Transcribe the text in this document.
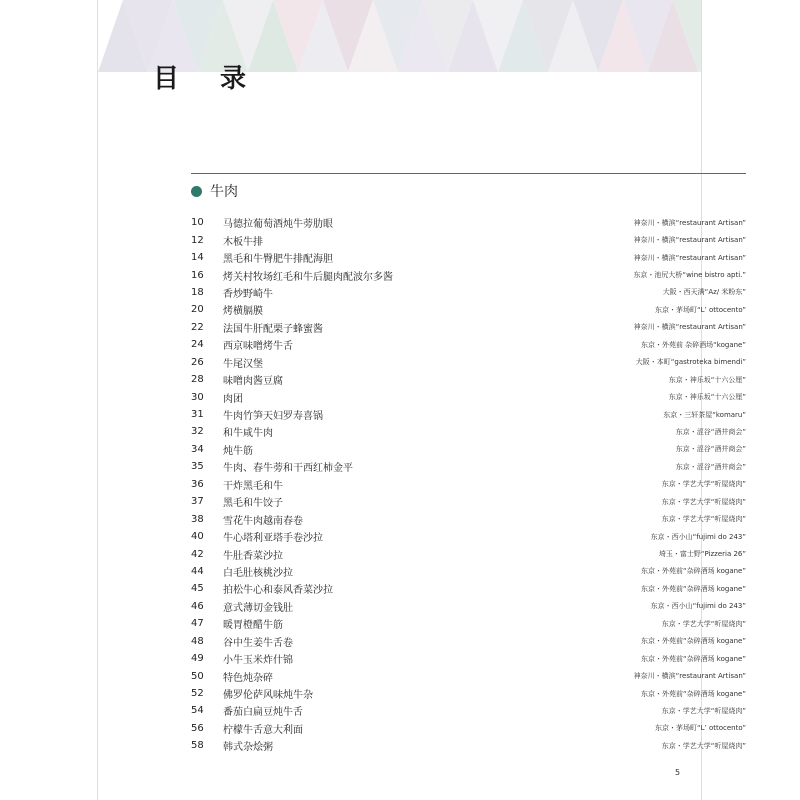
目 录
牛肉
10	马德拉葡萄酒炖牛蒡肋眼	神奈川・横滨“restaurant Artisan”
12	木板牛排	神奈川・横滨“restaurant Artisan”
14	黑毛和牛臀肥牛排配海胆	神奈川・横滨“restaurant Artisan”
16	烤关村牧场红毛和牛后腿肉配波尔多酱	东京・池尻大桥“wine bistro apti.”
18	香炒野崎牛	大阪・西天满“Az/ 米粉东”
20	烤横膈膜	东京・茅场町“L’ ottocento”
22	法国牛肝配栗子蜂蜜酱	神奈川・横滨“restaurant Artisan”
24	西京味噌烤牛舌	东京・外苑前 杂碎酒场“kogane”
26	牛尾汉堡	大阪・本町“gastroteka bimendi”
28	味噌肉酱豆腐	东京・神乐坂“十六公厘”
30	肉团	东京・神乐坂“十六公厘”
31	牛肉竹笋天妇罗寿喜锅	东京・三轩茶屋“komaru”
32	和牛咸牛肉	东京・涩谷“酒井商会”
34	炖牛筋	东京・涩谷“酒井商会”
35	牛肉、春牛蒡和干西红柿金平	东京・涩谷“酒井商会”
36	干炸黑毛和牛	东京・学艺大学“听屋烧肉”
37	黑毛和牛饺子	东京・学艺大学“听屋烧肉”
38	雪花牛肉越南春卷	东京・学艺大学“听屋烧肉”
40	牛心塔利亚塔手卷沙拉	东京・西小山“fujimi do 243”
42	牛肚香菜沙拉	埼玉・富士野“Pizzeria 26”
44	白毛肚核桃沙拉	东京・外苑前“杂碎酒场 kogane”
45	拍松牛心和泰风香菜沙拉	东京・外苑前“杂碎酒场 kogane”
46	意式薄切金钱肚	东京・西小山“fujimi do 243”
47	暖胃橙醋牛筋	东京・学艺大学“听屋烧肉”
48	谷中生姜牛舌卷	东京・外苑前“杂碎酒场 kogane”
49	小牛玉米炸什锦	东京・外苑前“杂碎酒场 kogane”
50	特色炖杂碎	神奈川・横滨“restaurant Artisan”
52	佛罗伦萨风味炖牛杂	东京・外苑前“杂碎酒场 kogane”
54	番茄白扁豆炖牛舌	东京・学艺大学“听屋烧肉”
56	柠檬牛舌意大利面	东京・茅场町“L’ ottocento”
58	韩式杂烩粥	东京・学艺大学“听屋烧肉”
5
